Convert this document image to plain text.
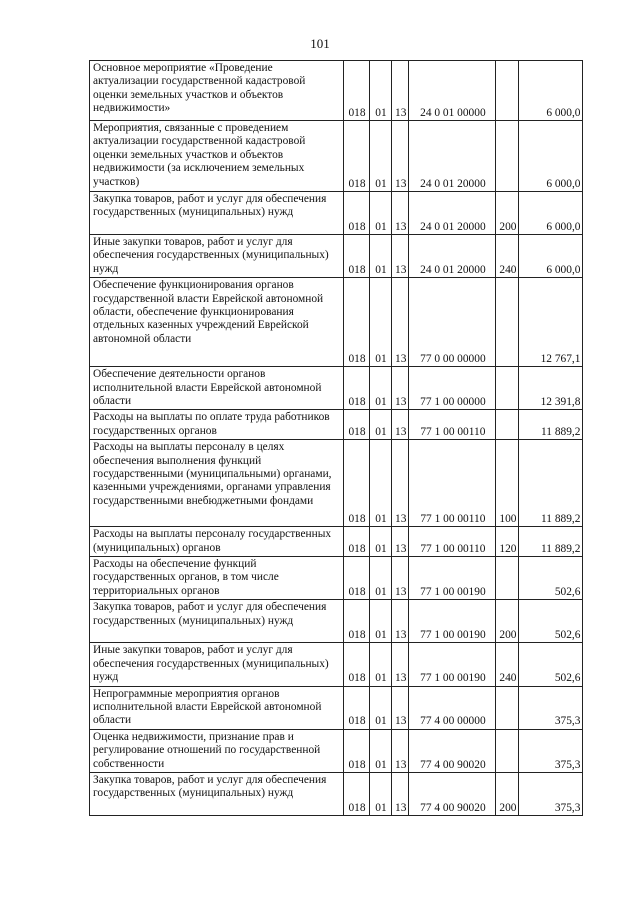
101
Основное мероприятие «Проведение актуализации государственной кадастровой оценки земельных участков и объектов недвижимости»	018	01	13	24 0 01 00000		6 000,0
Мероприятия, связанные с проведением актуализации государственной кадастровой оценки земельных участков и объектов недвижимости (за исключением земельных участков)	018	01	13	24 0 01 20000		6 000,0
Закупка товаров, работ и услуг для обеспечения государственных (муниципальных) нужд	018	01	13	24 0 01 20000	200	6 000,0
Иные закупки товаров, работ и услуг для обеспечения государственных (муниципальных) нужд	018	01	13	24 0 01 20000	240	6 000,0
Обеспечение функционирования органов государственной власти Еврейской автономной области, обеспечение функционирования отдельных казенных учреждений Еврейской автономной области	018	01	13	77 0 00 00000		12 767,1
Обеспечение деятельности органов исполнительной власти Еврейской автономной области	018	01	13	77 1 00 00000		12 391,8
Расходы на выплаты по оплате труда работников государственных органов	018	01	13	77 1 00 00110		11 889,2
Расходы на выплаты персоналу в целях обеспечения выполнения функций государственными (муниципальными) органами, казенными учреждениями, органами управления государственными внебюджетными фондами	018	01	13	77 1 00 00110	100	11 889,2
Расходы на выплаты персоналу государственных (муниципальных) органов	018	01	13	77 1 00 00110	120	11 889,2
Расходы на обеспечение функций государственных органов, в том числе территориальных органов	018	01	13	77 1 00 00190		502,6
Закупка товаров, работ и услуг для обеспечения государственных (муниципальных) нужд	018	01	13	77 1 00 00190	200	502,6
Иные закупки товаров, работ и услуг для обеспечения государственных (муниципальных) нужд	018	01	13	77 1 00 00190	240	502,6
Непрограммные мероприятия органов исполнительной власти Еврейской автономной области	018	01	13	77 4 00 00000		375,3
Оценка недвижимости, признание прав и регулирование отношений по государственной собственности	018	01	13	77 4 00 90020		375,3
Закупка товаров, работ и услуг для обеспечения государственных (муниципальных) нужд	018	01	13	77 4 00 90020	200	375,3
